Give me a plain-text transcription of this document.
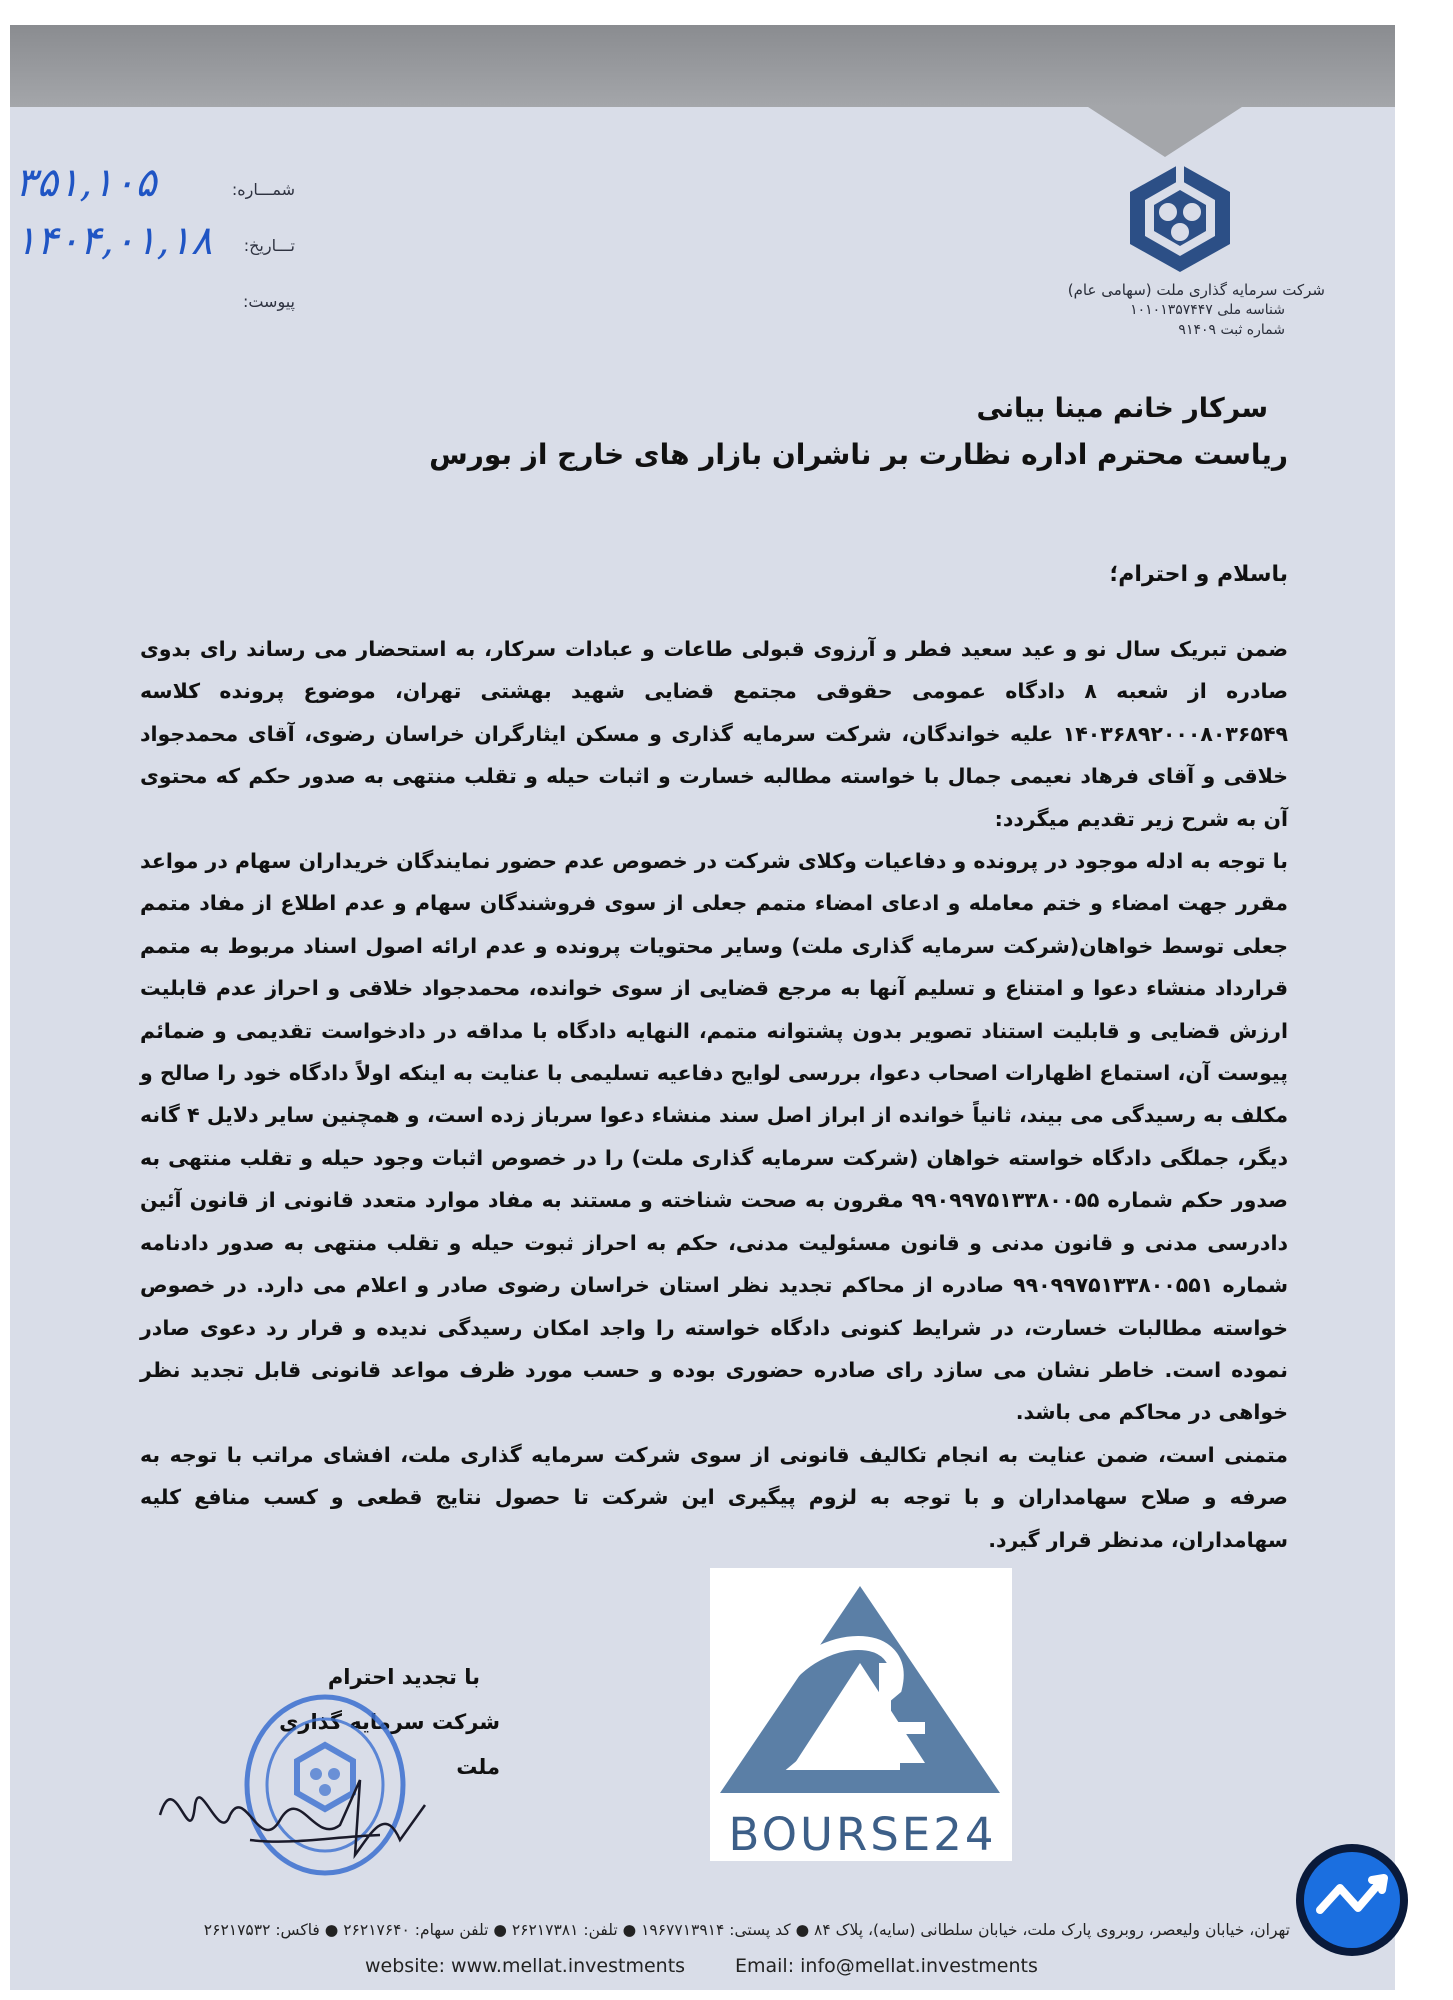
شرکت سرمایه گذاری ملت (سهامی عام)
شناسه ملی ۱۰۱۰۱۳۵۷۴۴۷
شماره ثبت ۹۱۴۰۹
شمـــاره:
تـــاریخ:
پیوست:
۳۵۱,۱۰۵
۱۴۰۴,۰۱,۱۸
سرکار خانم مینا بیانی
ریاست محترم اداره نظارت بر ناشران بازار های خارج از بورس
باسلام و احترام؛

ضمن تبریک سال نو و عید سعید فطر و آرزوی قبولی طاعات و عبادات سرکار، به استحضار می رساند رای بدوی صادره از شعبه ۸ دادگاه عمومی حقوقی مجتمع قضایی شهید بهشتی تهران، موضوع پرونده کلاسه ۱۴۰۳۶۸۹۲۰۰۰۸۰۳۶۵۴۹ علیه خواندگان، شرکت سرمایه گذاری و مسکن ایثارگران خراسان رضوی، آقای محمدجواد خلاقی و آقای فرهاد نعیمی جمال با خواسته مطالبه خسارت و اثبات حیله و تقلب منتهی به صدور حکم که محتوی آن به شرح زیر تقدیم میگردد:

با توجه به ادله موجود در پرونده و دفاعیات وکلای شرکت در خصوص عدم حضور نمایندگان خریداران سهام در مواعد مقرر جهت امضاء و ختم معامله و ادعای امضاء متمم جعلی از سوی فروشندگان سهام و عدم اطلاع از مفاد متمم جعلی توسط خواهان(شرکت سرمایه گذاری ملت) وسایر محتویات پرونده و عدم ارائه اصول اسناد مربوط به متمم قرارداد منشاء دعوا و امتناع و تسلیم آنها به مرجع قضایی از سوی خوانده، محمدجواد خلاقی و احراز عدم قابلیت ارزش قضایی و قابلیت استناد تصویر بدون پشتوانه متمم، النهایه دادگاه با مداقه در دادخواست تقدیمی و ضمائم پیوست آن، استماع اظهارات اصحاب دعوا، بررسی لوایح دفاعیه تسلیمی با عنایت به اینکه اولاً دادگاه خود را صالح و مکلف به رسیدگی می بیند، ثانیاً خوانده از ابراز اصل سند منشاء دعوا سرباز زده است، و همچنین سایر دلایل ۴ گانه دیگر، جملگی دادگاه خواسته خواهان (شرکت سرمایه گذاری ملت) را در خصوص اثبات وجود حیله و تقلب منتهی به صدور حکم شماره ۹۹۰۹۹۷۵۱۳۳۸۰۰۵۵ مقرون به صحت شناخته و مستند به مفاد موارد متعدد قانونی از قانون آئین دادرسی مدنی و قانون مدنی و قانون مسئولیت مدنی، حکم به احراز ثبوت حیله و تقلب منتهی به صدور دادنامه شماره ۹۹۰۹۹۷۵۱۳۳۸۰۰۵۵۱ صادره از محاکم تجدید نظر استان خراسان رضوی صادر و اعلام می دارد. در خصوص خواسته مطالبات خسارت، در شرایط کنونی دادگاه خواسته را واجد امکان رسیدگی ندیده و قرار رد دعوی صادر نموده است. خاطر نشان می سازد رای صادره حضوری بوده و حسب مورد ظرف مواعد قانونی قابل تجدید نظر خواهی در محاکم می باشد.

متمنی است، ضمن عنایت به انجام تکالیف قانونی از سوی شرکت سرمایه گذاری ملت، افشای مراتب با توجه به صرفه و صلاح سهامداران و با توجه به لزوم پیگیری این شرکت تا حصول نتایج قطعی و کسب منافع کلیه سهامداران، مدنظر قرار گیرد.

با تجدید احترام
شرکت سرمایه گذاری ملت
BOURSE24
تهران، خیابان ولیعصر، روبروی پارک ملت، خیابان سلطانی (سایه)، پلاک ۸۴ ● کد پستی: ۱۹۶۷۷۱۳۹۱۴ ● تلفن: ۲۶۲۱۷۳۸۱ ● تلفن سهام: ۲۶۲۱۷۶۴۰ ● فاکس: ۲۶۲۱۷۵۳۲
website: www.mellat.investments	Email: info@mellat.investments
